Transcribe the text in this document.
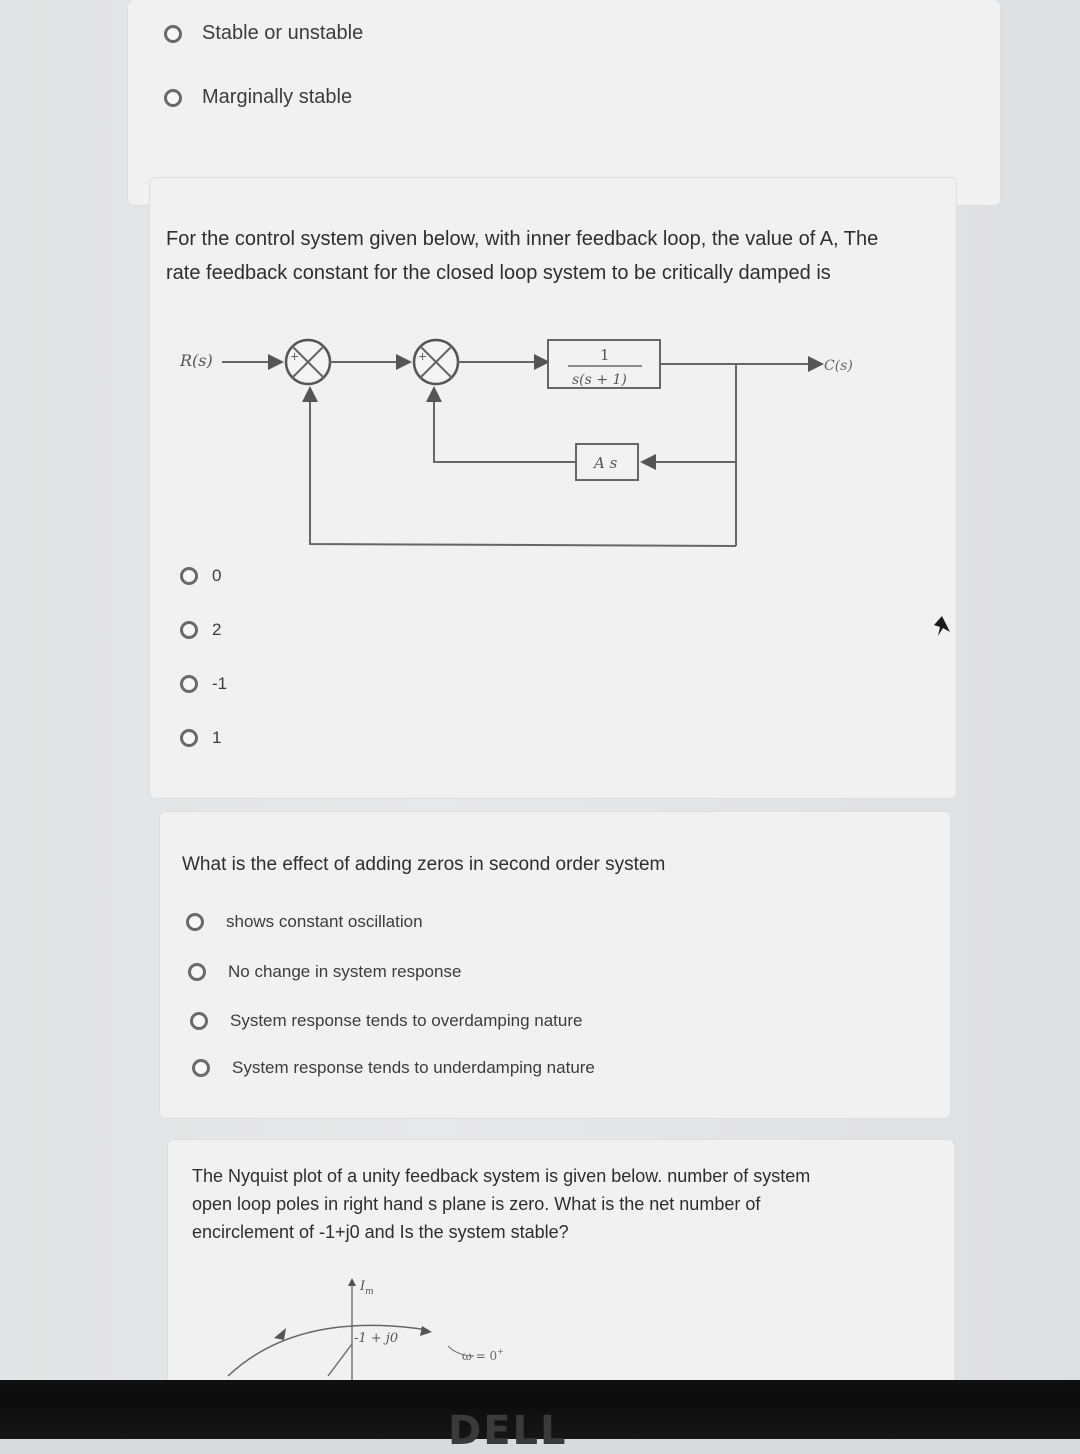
Stable or unstable
Marginally stable
For the control system given below, with inner feedback loop, the value of A, The
rate feedback constant for the closed loop system to be critically damped is
R(s)	+	+	1
s(s + 1)
C(s)
A s
0
2
-1
1
What is the effect of adding zeros in second order system
shows constant oscillation
No change in system response
System response tends to overdamping nature
System response tends to underdamping nature
The Nyquist plot of a unity feedback system is given below. number of system
open loop poles in right hand s plane is zero. What is the net number of
encirclement of -1+j0 and Is the system stable?
$I_m$
-1 + j0
ω = 0+
DELL
